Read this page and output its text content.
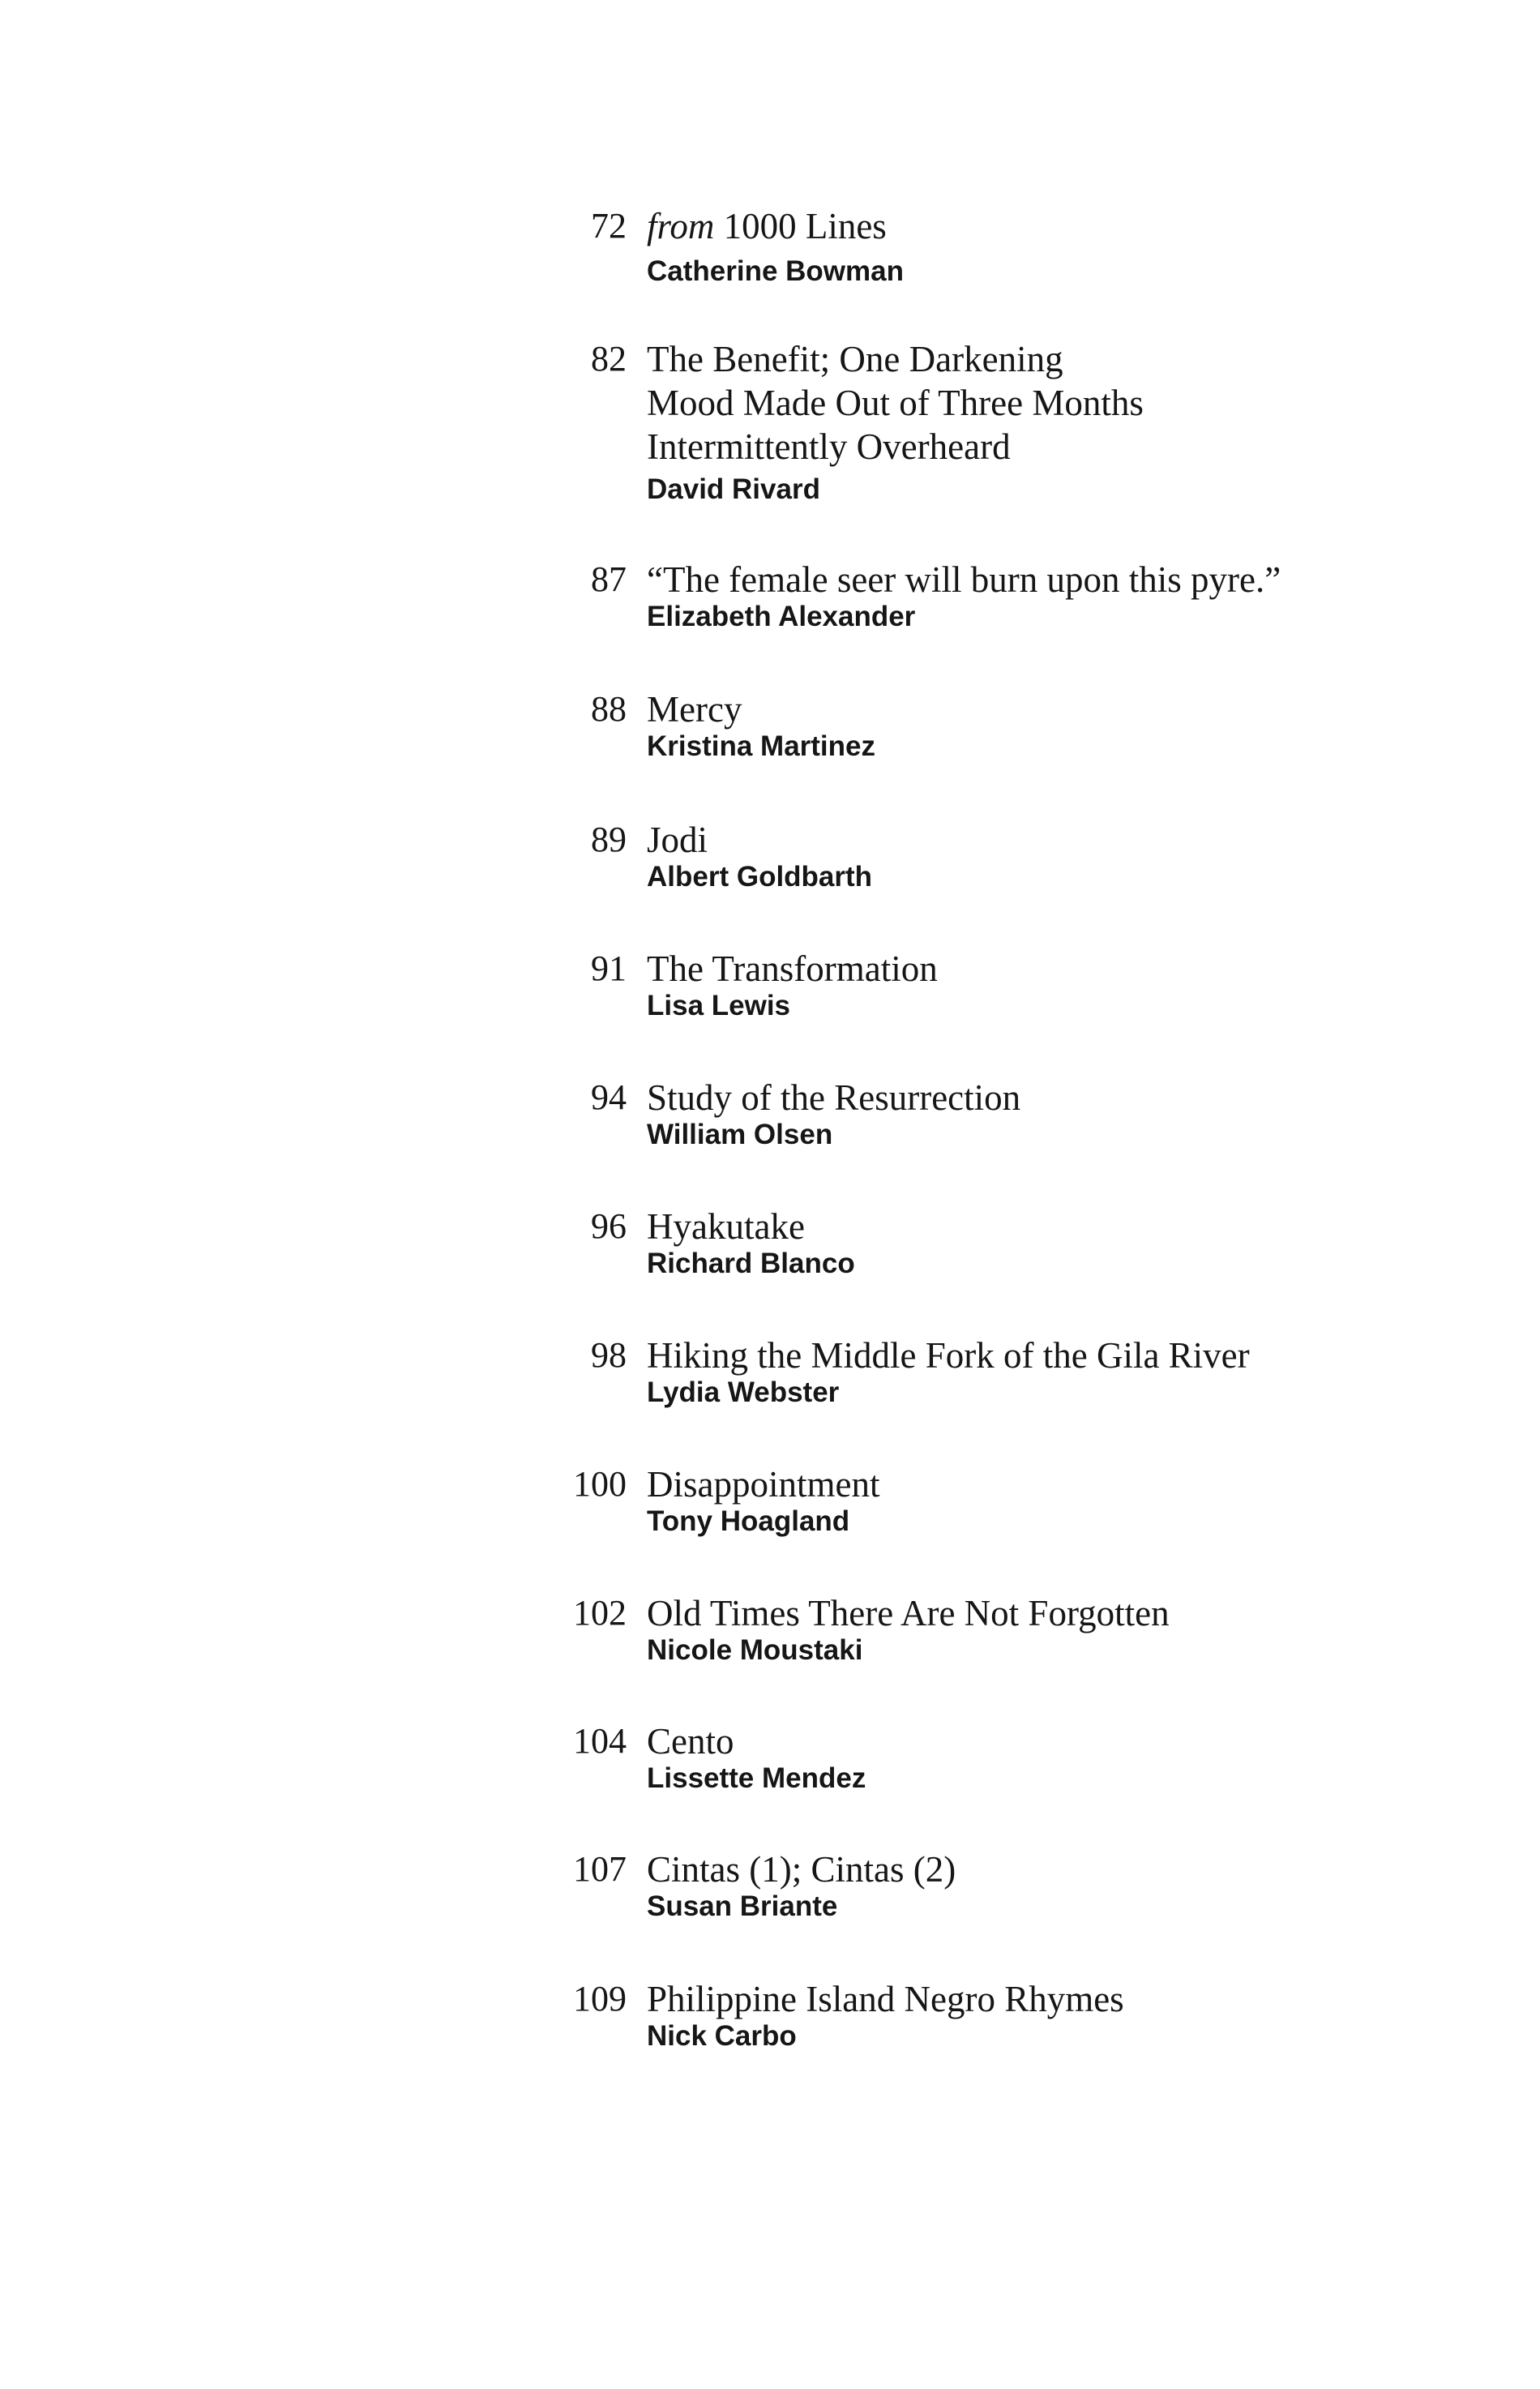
72 from 1000 Lines
Catherine Bowman
82 The Benefit; One Darkening
Mood Made Out of Three Months
Intermittently Overheard
David Rivard
87 “The female seer will burn upon this pyre.”
Elizabeth Alexander
88 Mercy
Kristina Martinez
89 Jodi
Albert Goldbarth
91 The Transformation
Lisa Lewis
94 Study of the Resurrection
William Olsen
96 Hyakutake
Richard Blanco
98 Hiking the Middle Fork of the Gila River
Lydia Webster
100 Disappointment
Tony Hoagland
102 Old Times There Are Not Forgotten
Nicole Moustaki
104 Cento
Lissette Mendez
107 Cintas (1); Cintas (2)
Susan Briante
109 Philippine Island Negro Rhymes
Nick Carbo
